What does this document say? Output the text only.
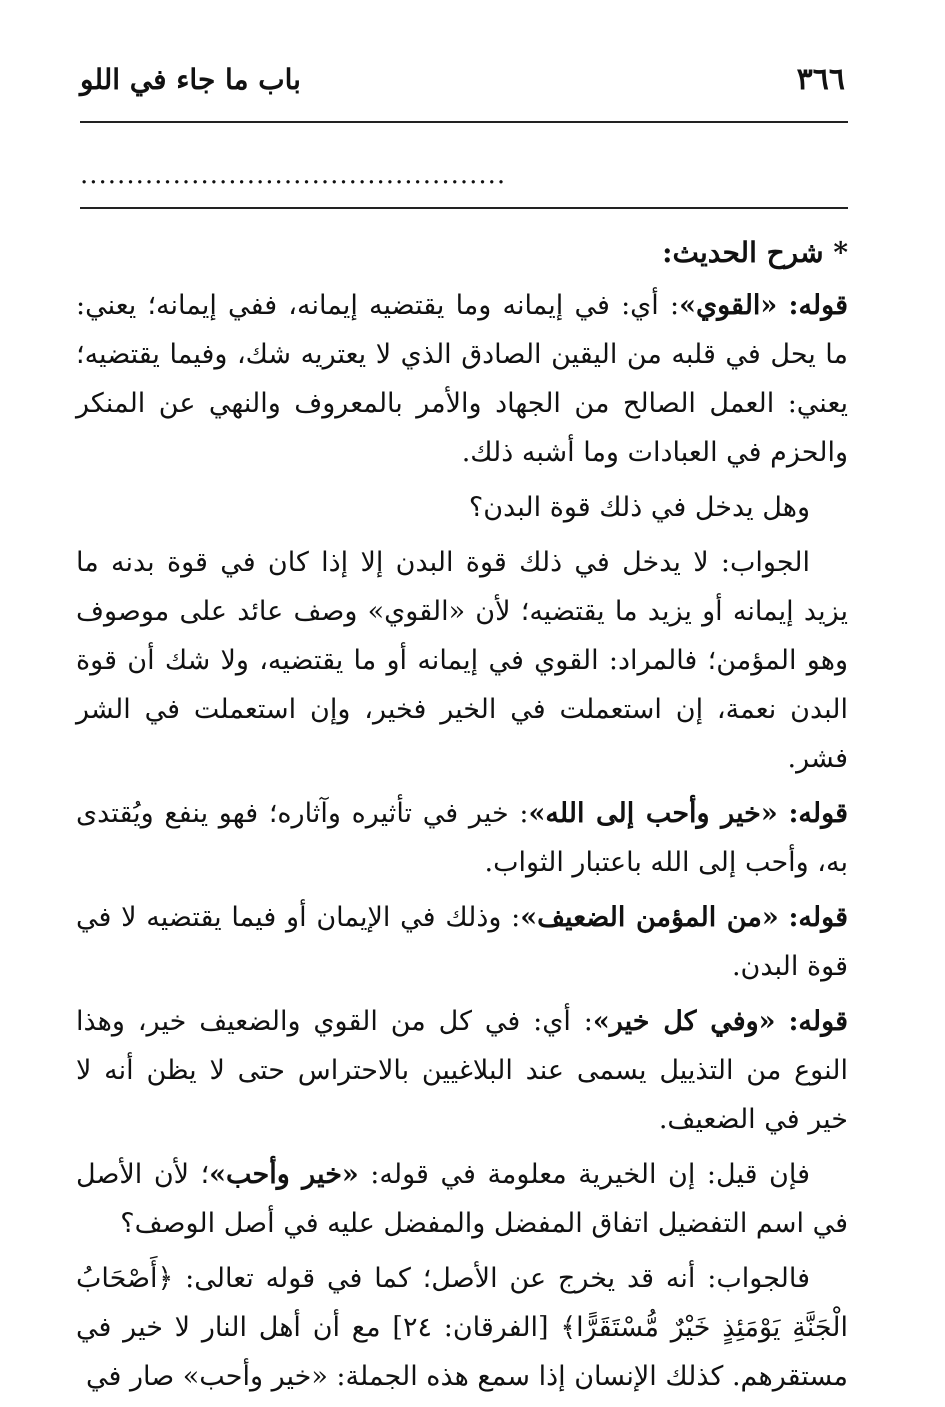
٣٦٦
باب ما جاء في اللو
..............................................

* شرح الحديث:

قوله: «القوي»: أي: في إيمانه وما يقتضيه إيمانه، ففي إيمانه؛ يعني: ما يحل في قلبه من اليقين الصادق الذي لا يعتريه شك، وفيما يقتضيه؛ يعني: العمل الصالح من الجهاد والأمر بالمعروف والنهي عن المنكر والحزم في العبادات وما أشبه ذلك.

وهل يدخل في ذلك قوة البدن؟

الجواب: لا يدخل في ذلك قوة البدن إلا إذا كان في قوة بدنه ما يزيد إيمانه أو يزيد ما يقتضيه؛ لأن «القوي» وصف عائد على موصوف وهو المؤمن؛ فالمراد: القوي في إيمانه أو ما يقتضيه، ولا شك أن قوة البدن نعمة، إن استعملت في الخير فخير، وإن استعملت في الشر فشر.

قوله: «خير وأحب إلى الله»: خير في تأثيره وآثاره؛ فهو ينفع ويُقتدى به، وأحب إلى الله باعتبار الثواب.

قوله: «من المؤمن الضعيف»: وذلك في الإيمان أو فيما يقتضيه لا في قوة البدن.

قوله: «وفي كل خير»: أي: في كل من القوي والضعيف خير، وهذا النوع من التذييل يسمى عند البلاغيين بالاحتراس حتى لا يظن أنه لا خير في الضعيف.

فإن قيل: إن الخيرية معلومة في قوله: «خير وأحب»؛ لأن الأصل في اسم التفضيل اتفاق المفضل والمفضل عليه في أصل الوصف؟

فالجواب: أنه قد يخرج عن الأصل؛ كما في قوله تعالى: ﴿أَصْحَابُ الْجَنَّةِ يَوْمَئِذٍ خَيْرٌ مُّسْتَقَرًّا﴾ [الفرقان: ٢٤] مع أن أهل النار لا خير في مستقرهم. كذلك الإنسان إذا سمع هذه الجملة: «خير وأحب» صار في
